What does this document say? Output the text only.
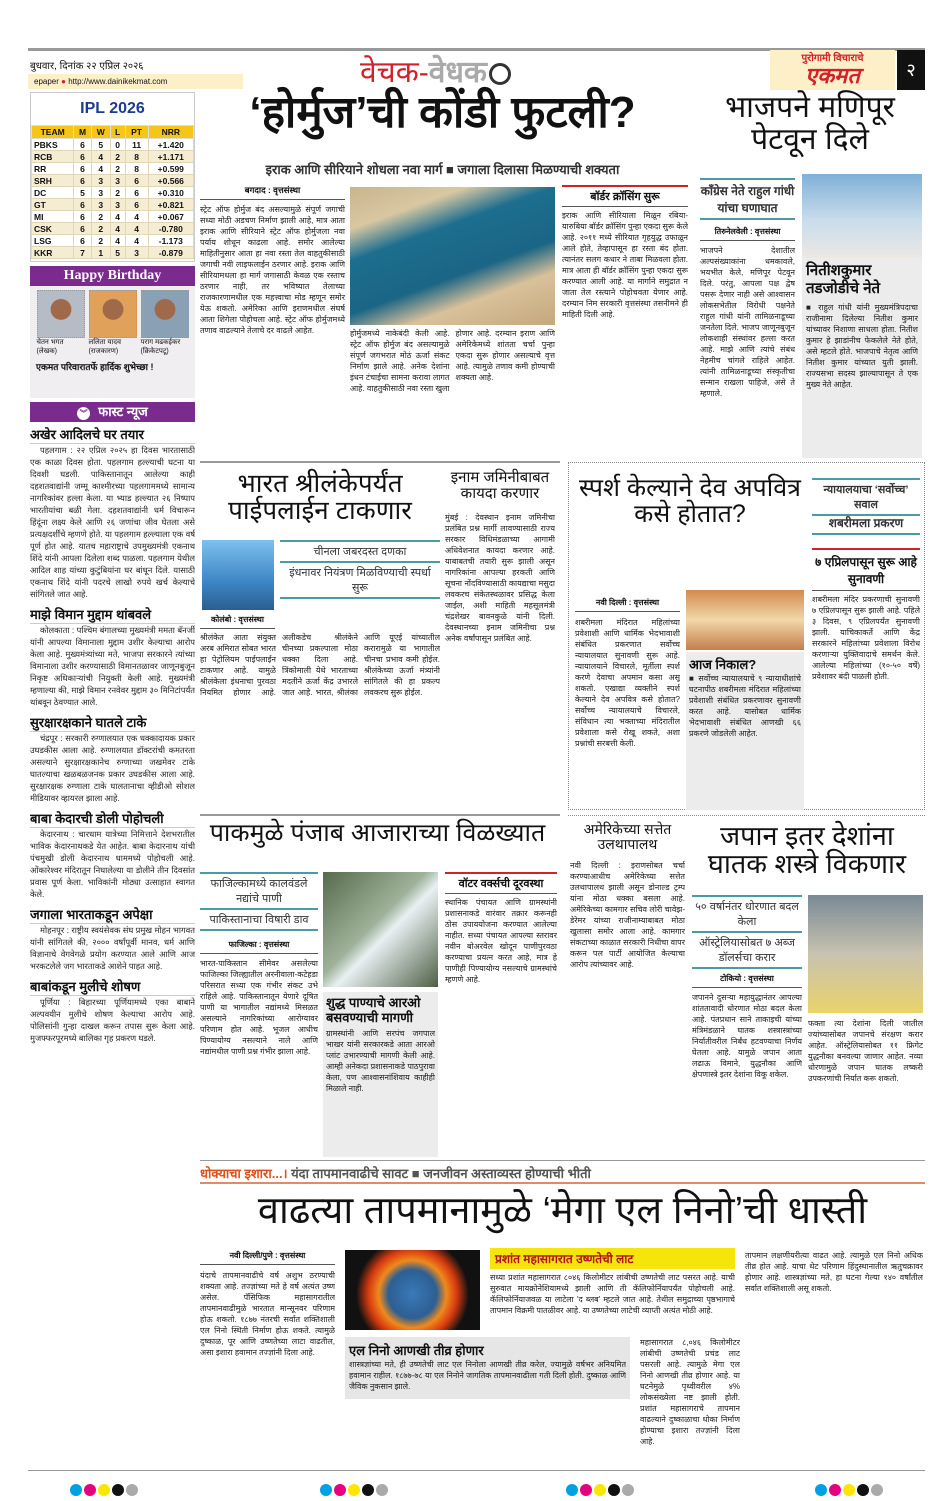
बुधवार, दिनांक २२ एप्रिल २०२६
epaper ● http://www.dainikekmat.com	वेचक-वेधक	पुरोगामी विचाराचे
एकमत	२
IPL 2026
TEAM	M	W	L	PT	NRR
PBKS	6	5	0	11	+1.420
RCB	6	4	2	8	+1.171
RR	6	4	2	8	+0.599
SRH	6	3	3	6	+0.566
DC	5	3	2	6	+0.310
GT	6	3	3	6	+0.821
MI	6	2	4	4	+0.067
CSK	6	2	4	4	-0.780
LSG	6	2	4	4	-1.173
KKR	7	1	5	3	-0.879
Happy Birthday
चेतन भगत
(लेखक)
ललिता यादव
(राजकारण)
पराग मढकईकर
(क्रिकेटपटू)
एकमत परिवारातर्फे हार्दिक शुभेच्छा !
︾ फास्ट न्यूज
अखेर आदिलचे घर तयार
पहलगाम : २२ एप्रिल २०२५ हा दिवस भारतासाठी एक काळा दिवस होता. पहलगाम हल्ल्याची घटना या दिवशी घडली. पाकिस्तानातून आलेल्या काही दहशतवाद्यांनी जम्मू काश्मीरच्या पहलगाममध्ये सामान्य नागरिकांवर हल्ला केला. या भ्याड हल्ल्यात २६ निष्पाप भारतीयांचा बळी गेला. दहशतवाद्यांनी धर्म विचारून हिंदूंना लक्ष्य केले आणि २६ जणांचा जीव घेतला असे प्रत्यक्षदर्शींचे म्हणणे होते. या पहलगाम हल्ल्याला एक वर्ष पूर्ण होत आहे. यातच महाराष्ट्राचे उपमुख्यमंत्री एकनाथ शिंदे यांनी आपला दिलेला शब्द पाळला. पहलगाम येथील आदिल शाह यांच्या कुटुंबियांना घर बांधून दिले. यासाठी एकनाथ शिंदे यांनी पदरचे लाखो रुपये खर्च केल्याचे सांगितले जात आहे.
माझे विमान मुद्दाम थांबवले
कोलकाता : पश्चिम बंगालच्या मुख्यमंत्री ममता बॅनर्जी यांनी आपल्या विमानाला मुद्दाम उशीर केल्याचा आरोप केला आहे. मुख्यमंत्र्यांच्या मते, भाजपा सरकारने त्यांच्या विमानाला उशीर करण्यासाठी विमानतळावर जाणूनबुजून निकृष्ट अधिकाऱ्यांची नियुक्ती केली आहे. मुख्यमंत्री म्हणाल्या की, माझे विमान रनवेवर मुद्दाम ३० मिनिटांपर्यंत थांबवून ठेवण्यात आले.
सुरक्षारक्षकाने घातले टाके
चंद्रपूर : सरकारी रुग्णालयात एक धक्कादायक प्रकार उघडकीस आला आहे. रुग्णालयात डॉक्टरांची कमतरता असल्याने सुरक्षारक्षकानेच रुग्णाच्या जखमेवर टाके घातल्याचा खळबळजनक प्रकार उघडकीस आला आहे. सुरक्षारक्षक रुग्णाला टाके घालतानाचा व्हीडीओ सोशल मीडियावर व्हायरल झाला आहे.
बाबा केदारची डोली पोहोचली
केदारनाथ : चारधाम यात्रेच्या निमित्ताने देशभरातील भाविक केदारनाथकडे येत आहेत. बाबा केदारनाथ यांची पंचमुखी डोली केदारनाथ धाममध्ये पोहोचली आहे. ओंकारेश्वर मंदिरातून निघालेल्या या डोलीने तीन दिवसांत प्रवास पूर्ण केला. भाविकांनी मोठ्या उत्साहात स्वागत केले.
जगाला भारताकडून अपेक्षा
मोहनपूर : राष्ट्रीय स्वयंसेवक संघ प्रमुख मोहन भागवत यांनी सांगितले की, २००० वर्षांपूर्वी मानव, धर्म आणि विज्ञानाचे वेगवेगळे प्रयोग करण्यात आले आणि आज भरकटलेले जग भारताकडे आशेने पाहत आहे.
बाबांकडून मुलीचे शोषण
पूर्णिया : बिहारच्या पूर्णियामध्ये एका बाबाने अल्पवयीन मुलीचे शोषण केल्याचा आरोप आहे. पोलिसांनी गुन्हा दाखल करून तपास सुरू केला आहे. मुजफ्फरपूरमध्ये बालिका गृह प्रकरण घडले.
‘होर्मुज’ची कोंडी फुटली?
इराक आणि सीरियाने शोधला नवा मार्ग ■ जगाला दिलासा मिळण्याची शक्यता
बगदाद : वृत्तसंस्था
स्ट्रेट ऑफ होर्मुज बंद असल्यामुळे संपूर्ण जगाची सध्या मोठी अडचण निर्माण झाली आहे, मात्र आता इराक आणि सीरियाने स्ट्रेट ऑफ होर्मुजला नवा पर्याय शोधून काढला आहे. समोर आलेल्या माहितीनुसार आता हा नवा रस्ता तेल वाहतुकीसाठी जगाची नवी लाइफलाईन ठरणार आहे. इराक आणि सीरियामधला हा मार्ग जगासाठी केवळ एक रस्ताच ठरणार नाही, तर भविष्यात तेलाच्या राजकारणामधील एक महत्त्वाचा मोड म्हणून समोर येऊ शकतो. अमेरिका आणि इराणमधील संघर्ष आता शिगेला पोहोचला आहे. स्ट्रेट ऑफ होर्मुजमध्ये तणाव वाढल्याने तेलाचे दर वाढले आहेत.	होर्मुजमध्ये नाकेबंदी केली आहे. स्ट्रेट ऑफ होर्मुज बंद असल्यामुळे संपूर्ण जगभरात मोठं ऊर्जा संकट निर्माण झाले आहे. अनेक देशांना इंधन टंचाईचा सामना करावा लागत आहे. वाहतुकीसाठी नवा रस्ता खुला होणार आहे. दरम्यान इराण आणि अमेरिकेमध्ये शांतता चर्चा पुन्हा एकदा सुरू होणार असल्याचे वृत्त आहे. त्यामुळे तणाव कमी होण्याची शक्यता आहे.
बॉर्डर क्रॉसिंग सुरू
इराक आणि सीरियाला मिळून रबिया-यारुबिया बॉर्डर क्रॉसिंग पुन्हा एकदा सुरू केले आहे. २०११ मध्ये सीरियात गृहयुद्ध उफाळून आले होते, तेव्हापासून हा रस्ता बंद होता. त्यानंतर सलग कधार ने ताबा मिळवला होता. मात्र आता ही बॉर्डर क्रॉसिंग पुन्हा एकदा सुरू करण्यात आली आहे. या मार्गाने समुद्रात न जाता तेल रस्त्याने पोहोचवता येणार आहे. दरम्यान निम सरकारी वृत्तसंस्था तसनीमने ही माहिती दिली आहे.
भाजपने मणिपूर पेटवून दिले
काँग्रेस नेते राहुल गांधी यांचा घणाघात
तिरुनेलवेली : वृत्तसंस्था
भाजपने देशातील अल्पसंख्याकांना धमकावले, भयभीत केले, मणिपूर पेटवून दिले. परंतु, आपला पक्ष द्वेष पसरू देणार नाही असे आश्वासन लोकसभेतील विरोधी पक्षनेते राहुल गांधी यांनी तामिळनाडूच्या जनतेला दिले. भाजप जाणूनबुजून लोकशाही संस्थांवर हल्ला करत आहे. माझे आणि त्यांचे संबंध नेहमीच चांगले राहिले आहेत. त्यांनी तामिळनाडूच्या संस्कृतीचा सन्मान राखला पाहिजे, असे ते म्हणाले.
नितीशकुमार तडजोडीचे नेते
■ राहुल गांधी यांनी मुख्यमंत्रिपदाचा राजीनामा दिलेल्या नितीश कुमार यांच्यावर निशाणा साधला होता. नितीश कुमार हे झाडांनीच फेकलेले नेते होते, असे म्हटले होते. भाजपाचे नेतृत्व आणि नितीश कुमार यांच्यात युती झाली. राज्यसभा सदस्य झाल्यापासून ते एक मुख्य नेते आहेत.
भारत श्रीलंकेपर्यंत पाईपलाईन टाकणार
चीनला जबरदस्त दणका
इंधनावर नियंत्रण मिळविण्याची स्पर्धा सुरू
कोलंबो : वृत्तसंस्था
श्रीलंकेत आता संयुक्त अरब अमिरात सोबत भारत हा पेट्रोलियम पाईपलाईन टाकणार आहे. यामुळे श्रीलंकेला इंधनाचा पुरवठा नियमित होणार आहे. अलीकडेच श्रीलंकेने चीनच्या प्रकल्पाला मोठा धक्का दिला आहे. त्रिंकोमाली येथे भारताच्या मदतीने ऊर्जा केंद्र उभारले जात आहे. भारत, श्रीलंका आणि यूएई यांच्यातील करारामुळे या भागातील चीनचा प्रभाव कमी होईल. श्रीलंकेच्या ऊर्जा मंत्र्यांनी सांगितले की हा प्रकल्प लवकरच सुरू होईल.
इनाम जमिनीबाबत कायदा करणार
मुंबई : देवस्थान इनाम जमिनीचा प्रलंबित प्रश्न मार्गी लावण्यासाठी राज्य सरकार विधिमंडळाच्या आगामी अधिवेशनात कायदा करणार आहे. याबाबतची तयारी सुरू झाली असून नागरिकांना आपल्या हरकती आणि सूचना नोंदविण्यासाठी कायद्याचा मसुदा लवकरच संकेतस्थळावर प्रसिद्ध केला जाईल, अशी माहिती महसूलमंत्री चंद्रशेखर बावनकुळे यांनी दिली. देवस्थानच्या इनाम जमिनीचा प्रश्न अनेक वर्षांपासून प्रलंबित आहे.
स्पर्श केल्याने देव अपवित्र कसे होतात?
न्यायालयाचा ‘सर्वोच्च’ सवाल
शबरीमला प्रकरण
नवी दिल्ली : वृत्तसंस्था
शबरीमला मंदिरात महिलांच्या प्रवेशाशी आणि धार्मिक भेदभावाशी संबंधित प्रकरणात सर्वोच्च न्यायालयात सुनावणी सुरू आहे. न्यायालयाने विचारले, मूर्तीला स्पर्श करणे देवाचा अपमान कसा असू शकतो. एखाद्या व्यक्तीने स्पर्श केल्याने देव अपवित्र कसे होतात? सर्वोच्च न्यायालयाचे विचारले, संविधान त्या भक्ताच्या मंदिरातील प्रवेशाला कसे रोखू शकते, अशा प्रश्नांची सरबत्ती केली.
आज निकाल?
■ सर्वोच्च न्यायालयाचे ९ न्यायाधीशांचे घटनापीठ शबरीमला मंदिरात महिलांच्या प्रवेशाशी संबंधित प्रकरणावर सुनावणी करत आहे. यासोबत धार्मिक भेदभावाशी संबंधित आणखी ६६ प्रकरणे जोडलेली आहेत.
७ एप्रिलपासून सुरू आहे सुनावणी
शबरीमला मंदिर प्रकरणाची सुनावणी ७ एप्रिलपासून सुरू झाली आहे. पहिले ३ दिवस, ९ एप्रिलपर्यंत सुनावणी झाली. याचिकाकर्ते आणि केंद्र सरकारने महिलांच्या प्रवेशाला विरोध करणाऱ्या युक्तिवादाचे समर्थन केले. आलेल्या महिलांच्या (१०-५० वर्षे) प्रवेशावर बंदी पाळली होती.
पाकमुळे पंजाब आजाराच्या विळख्यात
फाजिल्कामध्ये कालवंडले नद्यांचे पाणी
पाकिस्तानाचा विषारी डाव
फाजिल्का : वृत्तसंस्था
भारत-पाकिस्तान सीमेवर असलेल्या फाजिल्का जिल्ह्यातील अरनीवाला-कटेहडा परिसरात सध्या एक गंभीर संकट उभे राहिले आहे. पाकिस्तानातून येणारे दूषित पाणी या भागातील नद्यांमध्ये मिसळत असल्याने नागरिकांच्या आरोग्यावर परिणाम होत आहे. भूजल आधीच पिण्यायोग्य नसल्याने नाले आणि नद्यांमधील पाणी प्रश्न गंभीर झाला आहे.
शुद्ध पाण्याचे आरओ बसवण्याची मागणी
ग्रामस्थांनी आणि सरपंच जगपाल भाखर यांनी सरकारकडे आता आरओ प्लांट उभारण्याची मागणी केली आहे. आम्ही अनेकदा प्रशासनाकडे पाठपुरावा केला, पण आश्वासनांशिवाय काहीही मिळाले नाही.
वॉटर वर्क्सची दूरवस्था
स्थानिक पंचायत आणि ग्रामस्थांनी प्रशासनाकडे वारंवार तक्रार करूनही ठोस उपाययोजना करण्यात आलेल्या नाहीत. सध्या पंचायत आपल्या स्तरावर नवीन बोअरवेल खोदून पाणीपुरवठा करण्याचा प्रयत्न करत आहे, मात्र हे पाणीही पिण्यायोग्य नसल्याचे ग्रामस्थांचे म्हणणे आहे.
अमेरिकेच्या सत्तेत उलथापालथ
नवी दिल्ली : इराणसोबत चर्चा करण्याआधीच अमेरिकेच्या सत्तेत उलथापालथ झाली असून डोनाल्ड ट्रम्प यांना मोठा धक्का बसला आहे. अमेरिकेच्या कामगार सचिव लोरी चावेझ-डेरेमर यांच्या राजीनाम्याबाबत मोठा खुलासा समोर आला आहे. कामगार संकटाच्या काळात सरकारी निधीचा वापर करून पल पार्टी आयोजित केल्याचा आरोप त्यांच्यावर आहे.
जपान इतर देशांना घातक शस्त्रे विकणार
५० वर्षानंतर धोरणात बदल केला
ऑस्ट्रेलियासोबत ७ अब्ज डॉलर्सचा करार
टोकियो : वृत्तसंस्था
जपानने दुसऱ्या महायुद्धानंतर आपल्या शांततावादी धोरणात मोठा बदल केला आहे. पंतप्रधान साने ताकाइची यांच्या मंत्रिमंडळाने घातक शस्त्रास्त्रांच्या निर्यातीवरील निर्बंध हटवण्याचा निर्णय घेतला आहे. यामुळे जपान आता लढाऊ विमाने, युद्धनौका आणि क्षेपणास्त्रे इतर देशांना विकू शकेल.
फक्ता त्या देशांना दिली जातील ज्यांच्यासोबत जपानचे संरक्षण करार आहेत. ऑस्ट्रेलियासोबत ११ फ्रिगेट युद्धनौका बनवल्या जाणार आहेत. नव्या धोरणामुळे जपान घातक लष्करी उपकरणांची निर्यात करू शकतो.
धोक्याचा इशारा...। यंदा तापमानवाढीचे सावट ■ जनजीवन अस्ताव्यस्त होण्याची भीती
वाढत्या तापमानामुळे ‘मेगा एल निनो’ची धास्ती
नवी दिल्ली/पुणे : वृत्तसंस्था
यंदाचे तापमानवाढीचे वर्ष अशुभ ठरण्याची शक्यता आहे. तज्ज्ञांच्या मते हे वर्ष अत्यंत उष्ण असेल. पॅसिफिक महासागरातील तापमानवाढीमुळे भारतात मान्सूनवर परिणाम होऊ शकतो. १८७७ नंतरची सर्वात शक्तिशाली एल निनो स्थिती निर्माण होऊ शकते. त्यामुळे दुष्काळ, पूर आणि उष्णतेच्या लाटा वाढतील, असा इशारा हवामान तज्ज्ञांनी दिला आहे.
प्रशांत महासागरात उष्णतेची लाट
सध्या प्रशांत महासागरात ८०४६ किलोमीटर लांबीची उष्णतेची लाट पसरत आहे. याची सुरुवात मायक्रोनेशियामध्ये झाली आणि ती कॅलिफोर्नियापर्यंत पोहोचली आहे. कॅलिफोर्नियाजवळ या लाटेला 'द ब्लब' म्हटले जात आहे. तेथील समुद्राच्या पृष्ठभागाचे तापमान विक्रमी पातळीवर आहे. या उष्णतेच्या लाटेची व्याप्ती अत्यंत मोठी आहे.
एल निनो आणखी तीव्र होणार
शास्त्रज्ञांच्या मते, ही उष्णतेची लाट एल निनोला आणखी तीव्र करेल, ज्यामुळे वर्षभर अनियमित हवामान राहील. १८७७-७८ या एल निनोने जागतिक तापमानवाढीला गती दिली होती. दुष्काळ आणि जैविक नुकसान झाले.
महासागरात ८,०४६ किलोमीटर लांबीची उष्णतेची प्रचंड लाट पसरली आहे. त्यामुळे मेगा एल निनो आणखी तीव्र होणार आहे. या घटनेमुळे पृथ्वीवरील ४% लोकसंख्येला नष्ट झाली होती. प्रशांत महासागराचे तापमान वाढल्याने दुष्काळाचा धोका निर्माण होण्याचा इशारा तज्ज्ञांनी दिला आहे.
तापमान लक्षणीयरीत्या वाढत आहे. त्यामुळे एल निनो अधिक तीव्र होत आहे. याचा थेट परिणाम हिंदुस्थानातील ऋतुचक्रावर होणार आहे. शास्त्रज्ञांच्या मते, हा घटना गेल्या १४० वर्षांतील सर्वात शक्तिशाली असू शकतो.
